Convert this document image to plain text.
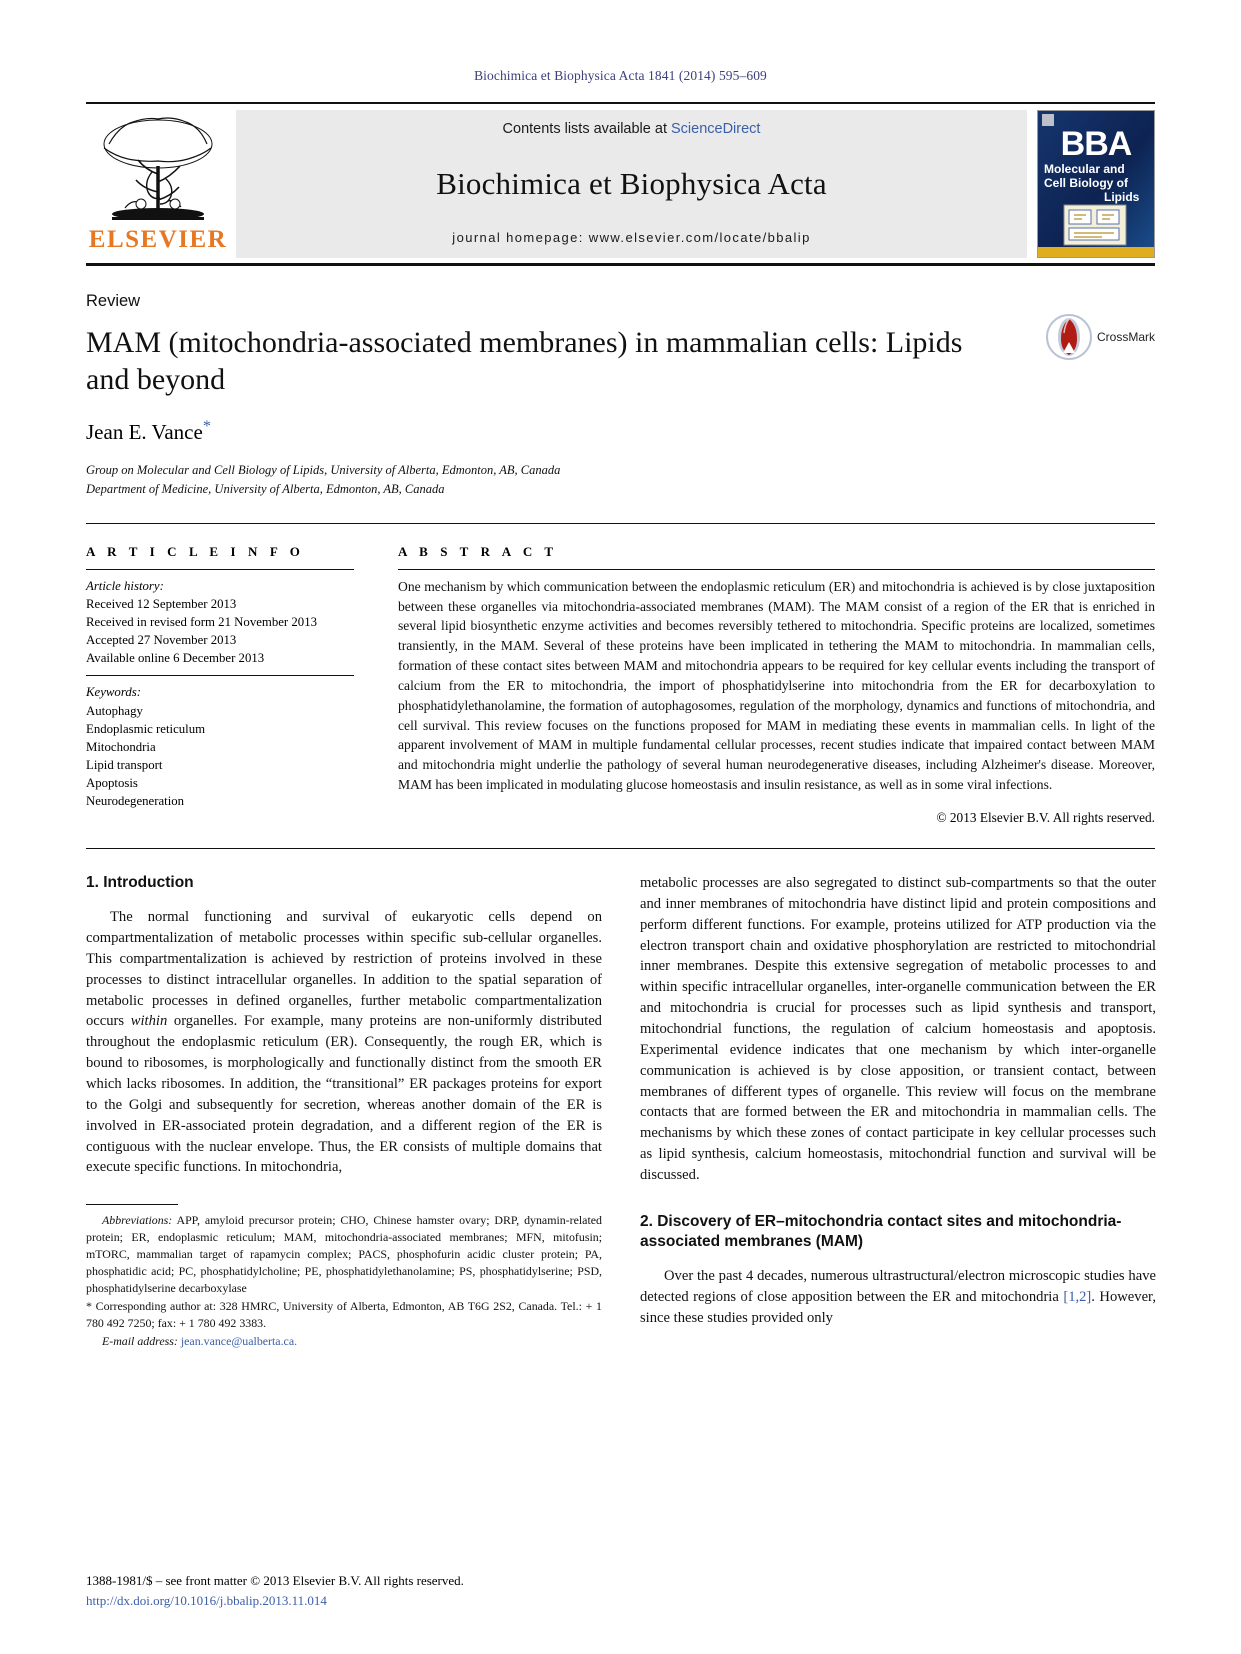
Biochimica et Biophysica Acta 1841 (2014) 595–609
ELSEVIER
Contents lists available at ScienceDirect
Biochimica et Biophysica Acta
journal homepage: www.elsevier.com/locate/bbalip
BBA
Molecular and
Cell Biology of
Lipids
Review
MAM (mitochondria-associated membranes) in mammalian cells: Lipids and beyond
Jean E. Vance*
Group on Molecular and Cell Biology of Lipids, University of Alberta, Edmonton, AB, Canada
Department of Medicine, University of Alberta, Edmonton, AB, Canada
CrossMark
A R T I C L E I N F O
Article history:
Received 12 September 2013
Received in revised form 21 November 2013
Accepted 27 November 2013
Available online 6 December 2013
Keywords:
Autophagy
Endoplasmic reticulum
Mitochondria
Lipid transport
Apoptosis
Neurodegeneration
A B S T R A C T
One mechanism by which communication between the endoplasmic reticulum (ER) and mitochondria is achieved is by close juxtaposition between these organelles via mitochondria-associated membranes (MAM). The MAM consist of a region of the ER that is enriched in several lipid biosynthetic enzyme activities and becomes reversibly tethered to mitochondria. Specific proteins are localized, sometimes transiently, in the MAM. Several of these proteins have been implicated in tethering the MAM to mitochondria. In mammalian cells, formation of these contact sites between MAM and mitochondria appears to be required for key cellular events including the transport of calcium from the ER to mitochondria, the import of phosphatidylserine into mitochondria from the ER for decarboxylation to phosphatidylethanolamine, the formation of autophagosomes, regulation of the morphology, dynamics and functions of mitochondria, and cell survival. This review focuses on the functions proposed for MAM in mediating these events in mammalian cells. In light of the apparent involvement of MAM in multiple fundamental cellular processes, recent studies indicate that impaired contact between MAM and mitochondria might underlie the pathology of several human neurodegenerative diseases, including Alzheimer's disease. Moreover, MAM has been implicated in modulating glucose homeostasis and insulin resistance, as well as in some viral infections.
© 2013 Elsevier B.V. All rights reserved.
1. Introduction

The normal functioning and survival of eukaryotic cells depend on compartmentalization of metabolic processes within specific sub-cellular organelles. This compartmentalization is achieved by restriction of proteins involved in these processes to distinct intracellular organelles. In addition to the spatial separation of metabolic processes in defined organelles, further metabolic compartmentalization occurs within organelles. For example, many proteins are non-uniformly distributed throughout the endoplasmic reticulum (ER). Consequently, the rough ER, which is bound to ribosomes, is morphologically and functionally distinct from the smooth ER which lacks ribosomes. In addition, the “transitional” ER packages proteins for export to the Golgi and subsequently for secretion, whereas another domain of the ER is involved in ER-associated protein degradation, and a different region of the ER is contiguous with the nuclear envelope. Thus, the ER consists of multiple domains that execute specific functions. In mitochondria,

Abbreviations: APP, amyloid precursor protein; CHO, Chinese hamster ovary; DRP, dynamin-related protein; ER, endoplasmic reticulum; MAM, mitochondria-associated membranes; MFN, mitofusin; mTORC, mammalian target of rapamycin complex; PACS, phosphofurin acidic cluster protein; PA, phosphatidic acid; PC, phosphatidylcholine; PE, phosphatidylethanolamine; PS, phosphatidylserine; PSD, phosphatidylserine decarboxylase
* Corresponding author at: 328 HMRC, University of Alberta, Edmonton, AB T6G 2S2, Canada. Tel.: + 1 780 492 7250; fax: + 1 780 492 3383.
E-mail address: jean.vance@ualberta.ca.

metabolic processes are also segregated to distinct sub-compartments so that the outer and inner membranes of mitochondria have distinct lipid and protein compositions and perform different functions. For example, proteins utilized for ATP production via the electron transport chain and oxidative phosphorylation are restricted to mitochondrial inner membranes. Despite this extensive segregation of metabolic processes to and within specific intracellular organelles, inter-organelle communication between the ER and mitochondria is crucial for processes such as lipid synthesis and transport, mitochondrial functions, the regulation of calcium homeostasis and apoptosis. Experimental evidence indicates that one mechanism by which inter-organelle communication is achieved is by close apposition, or transient contact, between membranes of different types of organelle. This review will focus on the membrane contacts that are formed between the ER and mitochondria in mammalian cells. The mechanisms by which these zones of contact participate in key cellular processes such as lipid synthesis, calcium homeostasis, mitochondrial function and survival will be discussed.

2. Discovery of ER–mitochondria contact sites and mitochondria-associated membranes (MAM)

Over the past 4 decades, numerous ultrastructural/electron microscopic studies have detected regions of close apposition between the ER and mitochondria [1,2]. However, since these studies provided only

1388-1981/$ – see front matter © 2013 Elsevier B.V. All rights reserved.
http://dx.doi.org/10.1016/j.bbalip.2013.11.014
